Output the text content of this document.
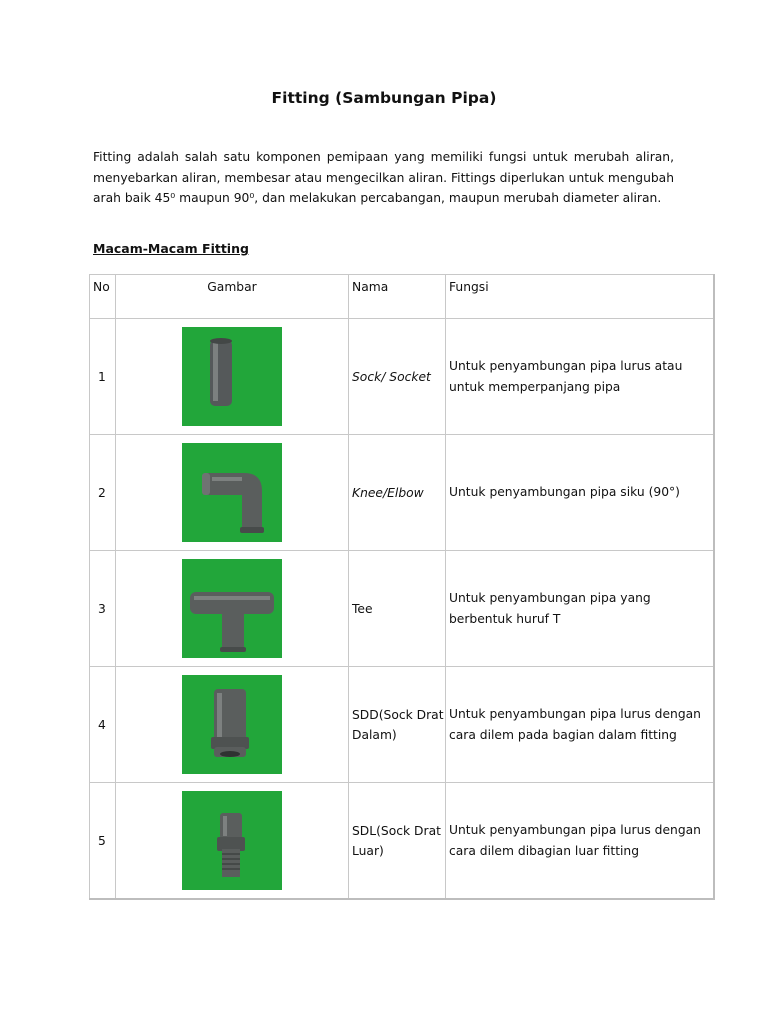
Fitting (Sambungan Pipa)
Fitting adalah salah satu komponen pemipaan yang memiliki fungsi untuk merubah aliran, menyebarkan aliran, membesar atau mengecilkan aliran. Fittings diperlukan untuk mengubah arah baik 45⁰ maupun 90⁰, dan melakukan percabangan, maupun merubah diameter aliran.
Macam-Macam Fitting
No	Gambar	Nama	Fungsi
1		Sock/ Socket	Untuk penyambungan pipa lurus atau untuk memperpanjang pipa
2		Knee/Elbow	Untuk penyambungan pipa siku (90°)
3		Tee	Untuk penyambungan pipa yang berbentuk huruf T
4		SDD(Sock Drat Dalam)	Untuk penyambungan pipa lurus dengan cara dilem pada bagian dalam fitting
5		SDL(Sock Drat Luar)	Untuk penyambungan pipa lurus dengan cara dilem dibagian luar fitting
